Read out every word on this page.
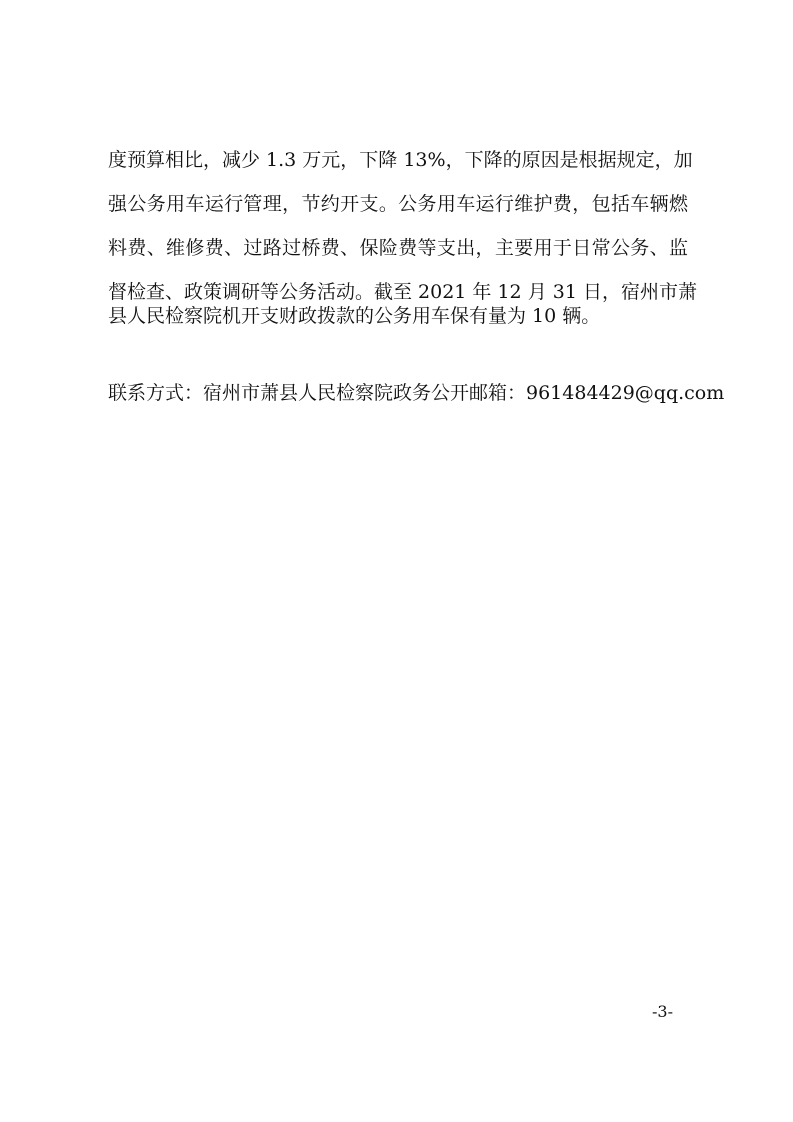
度预算相比，减少 1.3 万元，下降 13%，下降的原因是根据规定，加
强公务用车运行管理，节约开支。公务用车运行维护费，包括车辆燃
料费、维修费、过路过桥费、保险费等支出，主要用于日常公务、监
督检查、政策调研等公务活动。截至 2021 年 12 月 31 日，宿州市萧
县人民检察院机开支财政拨款的公务用车保有量为 10 辆。
联系方式：宿州市萧县人民检察院政务公开邮箱：961484429@qq.com
-3-
